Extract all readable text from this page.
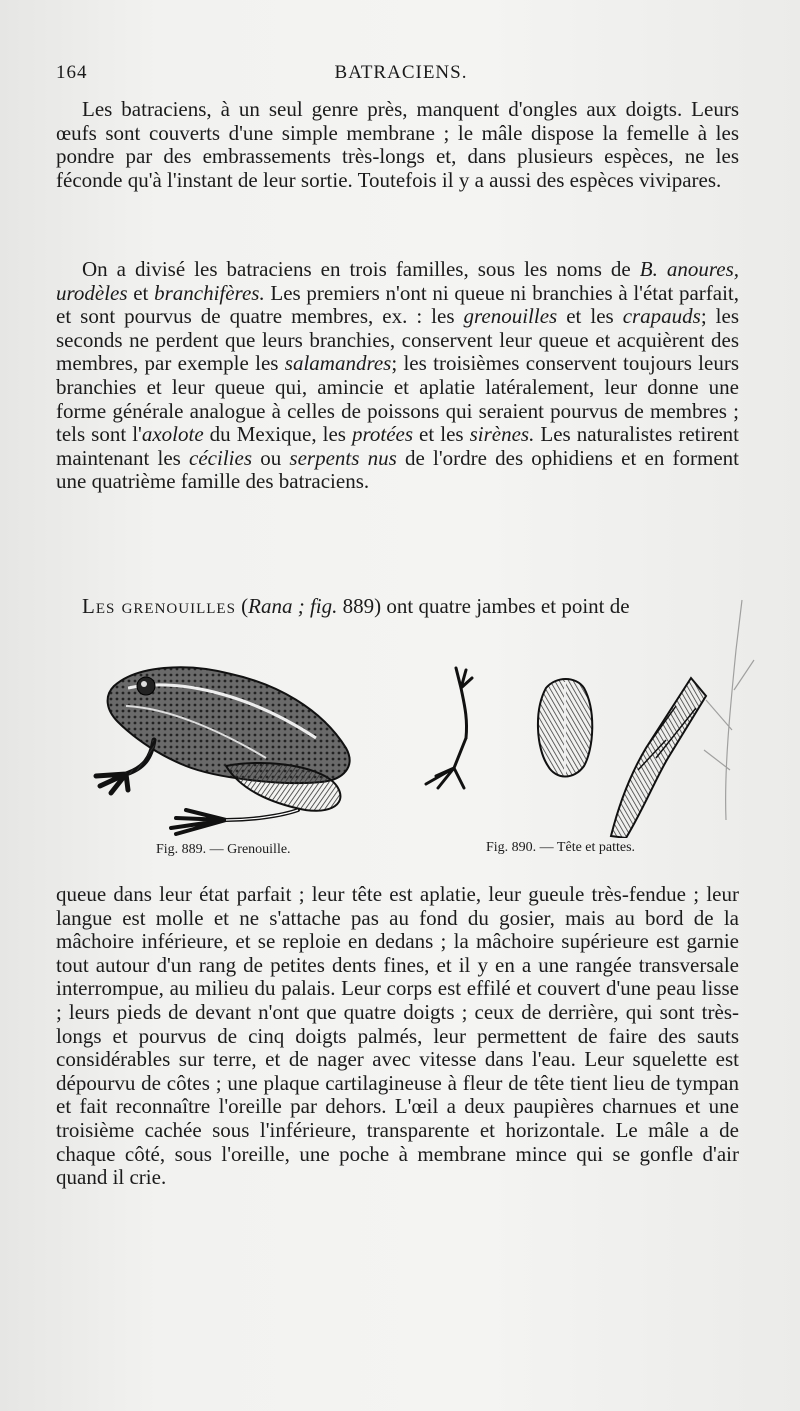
164	BATRACIENS.

Les batraciens, à un seul genre près, manquent d'ongles aux doigts. Leurs œufs sont couverts d'une simple membrane ; le mâle dispose la femelle à les pondre par des embrassements très-longs et, dans plusieurs espèces, ne les féconde qu'à l'instant de leur sortie. Toutefois il y a aussi des espèces vivipares.

On a divisé les batraciens en trois familles, sous les noms de B. anoures, urodèles et branchifères. Les premiers n'ont ni queue ni branchies à l'état parfait, et sont pourvus de quatre membres, ex. : les grenouilles et les crapauds; les seconds ne perdent que leurs branchies, conservent leur queue et acquièrent des membres, par exemple les salamandres; les troisièmes conservent toujours leurs branchies et leur queue qui, amincie et aplatie latéralement, leur donne une forme générale analogue à celles de poissons qui seraient pourvus de membres ; tels sont l'axolote du Mexique, les protées et les sirènes. Les naturalistes retirent maintenant les cécilies ou serpents nus de l'ordre des ophidiens et en forment une quatrième famille des batraciens.

Les grenouilles (Rana ; fig. 889) ont quatre jambes et point de

Fig. 889. — Grenouille.	Fig. 890. — Tête et pattes.

queue dans leur état parfait ; leur tête est aplatie, leur gueule très-fendue ; leur langue est molle et ne s'attache pas au fond du gosier, mais au bord de la mâchoire inférieure, et se reploie en dedans ; la mâchoire supérieure est garnie tout autour d'un rang de petites dents fines, et il y en a une rangée transversale interrompue, au milieu du palais. Leur corps est effilé et couvert d'une peau lisse ; leurs pieds de devant n'ont que quatre doigts ; ceux de derrière, qui sont très-longs et pourvus de cinq doigts palmés, leur permettent de faire des sauts considérables sur terre, et de nager avec vitesse dans l'eau. Leur squelette est dépourvu de côtes ; une plaque cartilagineuse à fleur de tête tient lieu de tympan et fait reconnaître l'oreille par dehors. L'œil a deux paupières charnues et une troisième cachée sous l'inférieure, transparente et horizontale. Le mâle a de chaque côté, sous l'oreille, une poche à membrane mince qui se gonfle d'air quand il crie.
